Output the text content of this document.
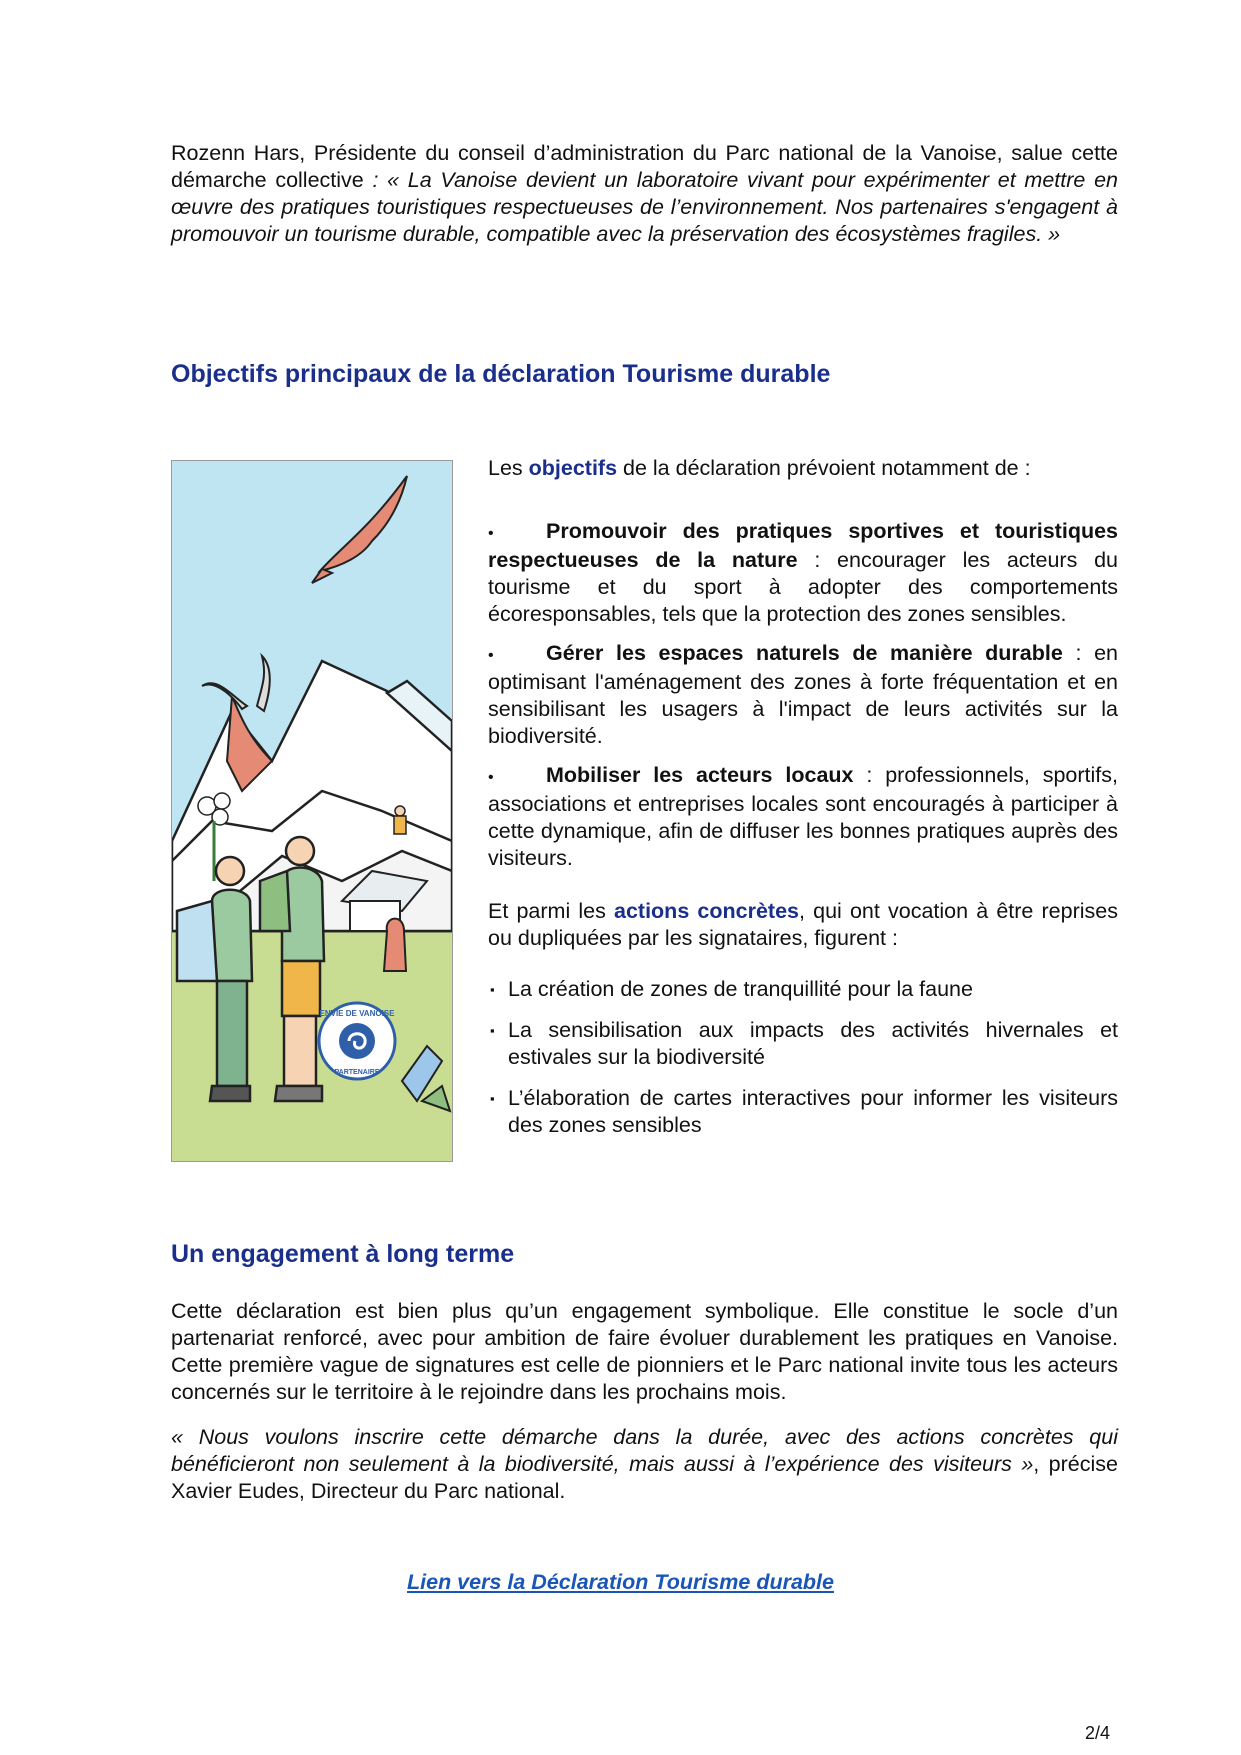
Rozenn Hars, Présidente du conseil d’administration du Parc national de la Vanoise, salue cette démarche collective : « La Vanoise devient un laboratoire vivant pour expérimenter et mettre en œuvre des pratiques touristiques respectueuses de l’environnement. Nos partenaires s'engagent à promouvoir un tourisme durable, compatible avec la préservation des écosystèmes fragiles. »

Objectifs principaux de la déclaration Tourisme durable
ENVIE DE VANOISE
PARTENAIRE

Les objectifs de la déclaration prévoient notamment de :

• Promouvoir des pratiques sportives et touristiques respectueuses de la nature : encourager les acteurs du tourisme et du sport à adopter des comportements écoresponsables, tels que la protection des zones sensibles.

• Gérer les espaces naturels de manière durable : en optimisant l'aménagement des zones à forte fréquentation et en sensibilisant les usagers à l'impact de leurs activités sur la biodiversité.

• Mobiliser les acteurs locaux : professionnels, sportifs, associations et entreprises locales sont encouragés à participer à cette dynamique, afin de diffuser les bonnes pratiques auprès des visiteurs.

Et parmi les actions concrètes, qui ont vocation à être reprises ou dupliquées par les signataires, figurent :

▪ La création de zones de tranquillité pour la faune

▪ La sensibilisation aux impacts des activités hivernales et estivales sur la biodiversité

▪ L’élaboration de cartes interactives pour informer les visiteurs des zones sensibles

Un engagement à long terme

Cette déclaration est bien plus qu’un engagement symbolique. Elle constitue le socle d’un partenariat renforcé, avec pour ambition de faire évoluer durablement les pratiques en Vanoise. Cette première vague de signatures est celle de pionniers et le Parc national invite tous les acteurs concernés sur le territoire à le rejoindre dans les prochains mois.

« Nous voulons inscrire cette démarche dans la durée, avec des actions concrètes qui bénéficieront non seulement à la biodiversité, mais aussi à l’expérience des visiteurs », précise Xavier Eudes, Directeur du Parc national.

Lien vers la Déclaration Tourisme durable
2/4
